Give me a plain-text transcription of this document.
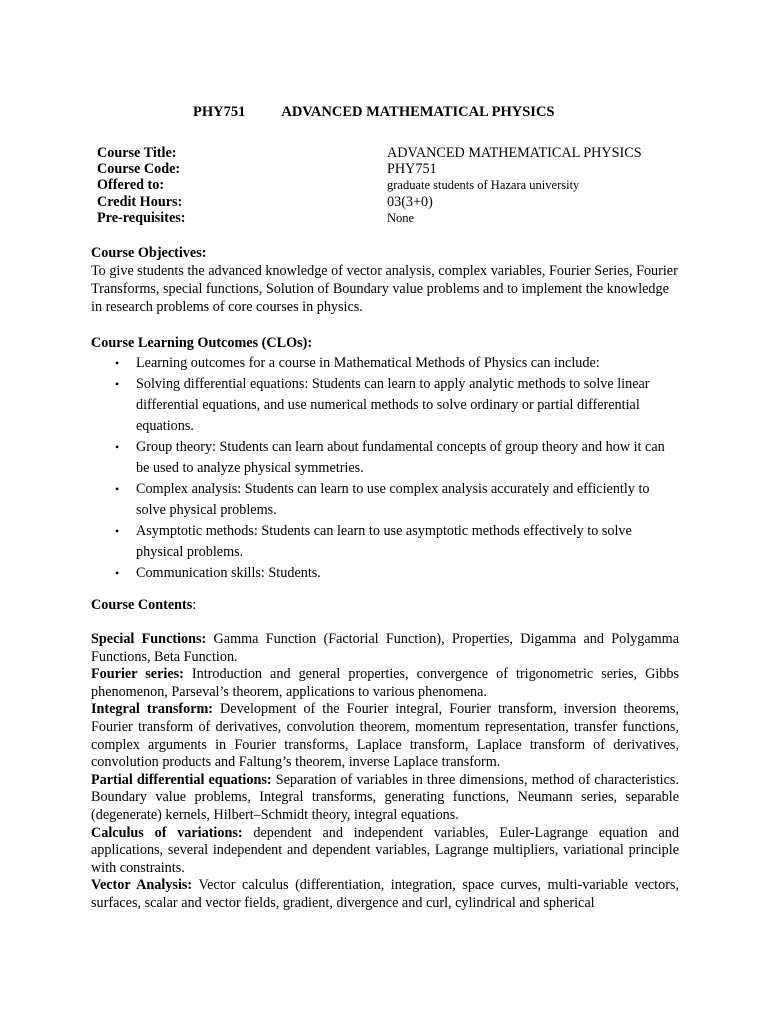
PHY751 ADVANCED MATHEMATICAL PHYSICS
Course Title:	ADVANCED MATHEMATICAL PHYSICS
Course Code:	PHY751
Offered to:	graduate students of Hazara university
Credit Hours:	03(3+0)
Pre-requisites:	None
Course Objectives:
To give students the advanced knowledge of vector analysis, complex variables, Fourier Series, Fourier Transforms, special functions, Solution of Boundary value problems and to implement the knowledge in research problems of core courses in physics.
Course Learning Outcomes (CLOs):
• Learning outcomes for a course in Mathematical Methods of Physics can include:
• Solving differential equations: Students can learn to apply analytic methods to solve linear differential equations, and use numerical methods to solve ordinary or partial differential equations.
• Group theory: Students can learn about fundamental concepts of group theory and how it can be used to analyze physical symmetries.
• Complex analysis: Students can learn to use complex analysis accurately and efficiently to solve physical problems.
• Asymptotic methods: Students can learn to use asymptotic methods effectively to solve physical problems.
• Communication skills: Students.
Course Contents:

Special Functions: Gamma Function (Factorial Function), Properties, Digamma and Polygamma Functions, Beta Function.

Fourier series: Introduction and general properties, convergence of trigonometric series, Gibbs phenomenon, Parseval’s theorem, applications to various phenomena.

Integral transform: Development of the Fourier integral, Fourier transform, inversion theorems, Fourier transform of derivatives, convolution theorem, momentum representation, transfer functions, complex arguments in Fourier transforms, Laplace transform, Laplace transform of derivatives, convolution products and Faltung’s theorem, inverse Laplace transform.

Partial differential equations: Separation of variables in three dimensions, method of characteristics. Boundary value problems, Integral transforms, generating functions, Neumann series, separable (degenerate) kernels, Hilbert–Schmidt theory, integral equations.

Calculus of variations: dependent and independent variables, Euler-Lagrange equation and applications, several independent and dependent variables, Lagrange multipliers, variational principle with constraints.

Vector Analysis: Vector calculus (differentiation, integration, space curves, multi-variable vectors, surfaces, scalar and vector fields, gradient, divergence and curl, cylindrical and spherical
